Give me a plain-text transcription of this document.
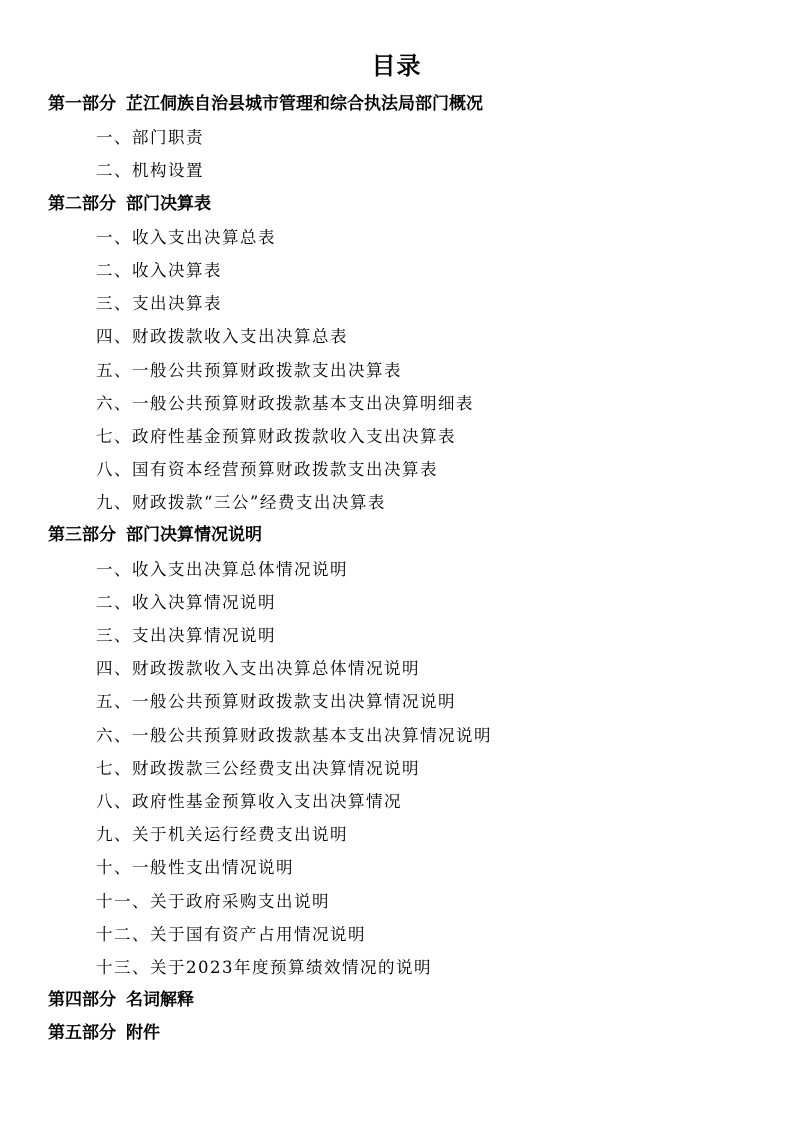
目录
第一部分 芷江侗族自治县城市管理和综合执法局部门概况
一、部门职责
二、机构设置
第二部分 部门决算表
一、收入支出决算总表
二、收入决算表
三、支出决算表
四、财政拨款收入支出决算总表
五、一般公共预算财政拨款支出决算表
六、一般公共预算财政拨款基本支出决算明细表
七、政府性基金预算财政拨款收入支出决算表
八、国有资本经营预算财政拨款支出决算表
九、财政拨款“三公”经费支出决算表
第三部分 部门决算情况说明
一、收入支出决算总体情况说明
二、收入决算情况说明
三、支出决算情况说明
四、财政拨款收入支出决算总体情况说明
五、一般公共预算财政拨款支出决算情况说明
六、一般公共预算财政拨款基本支出决算情况说明
七、财政拨款三公经费支出决算情况说明
八、政府性基金预算收入支出决算情况
九、关于机关运行经费支出说明
十、一般性支出情况说明
十一、关于政府采购支出说明
十二、关于国有资产占用情况说明
十三、关于2023年度预算绩效情况的说明
第四部分 名词解释
第五部分 附件
